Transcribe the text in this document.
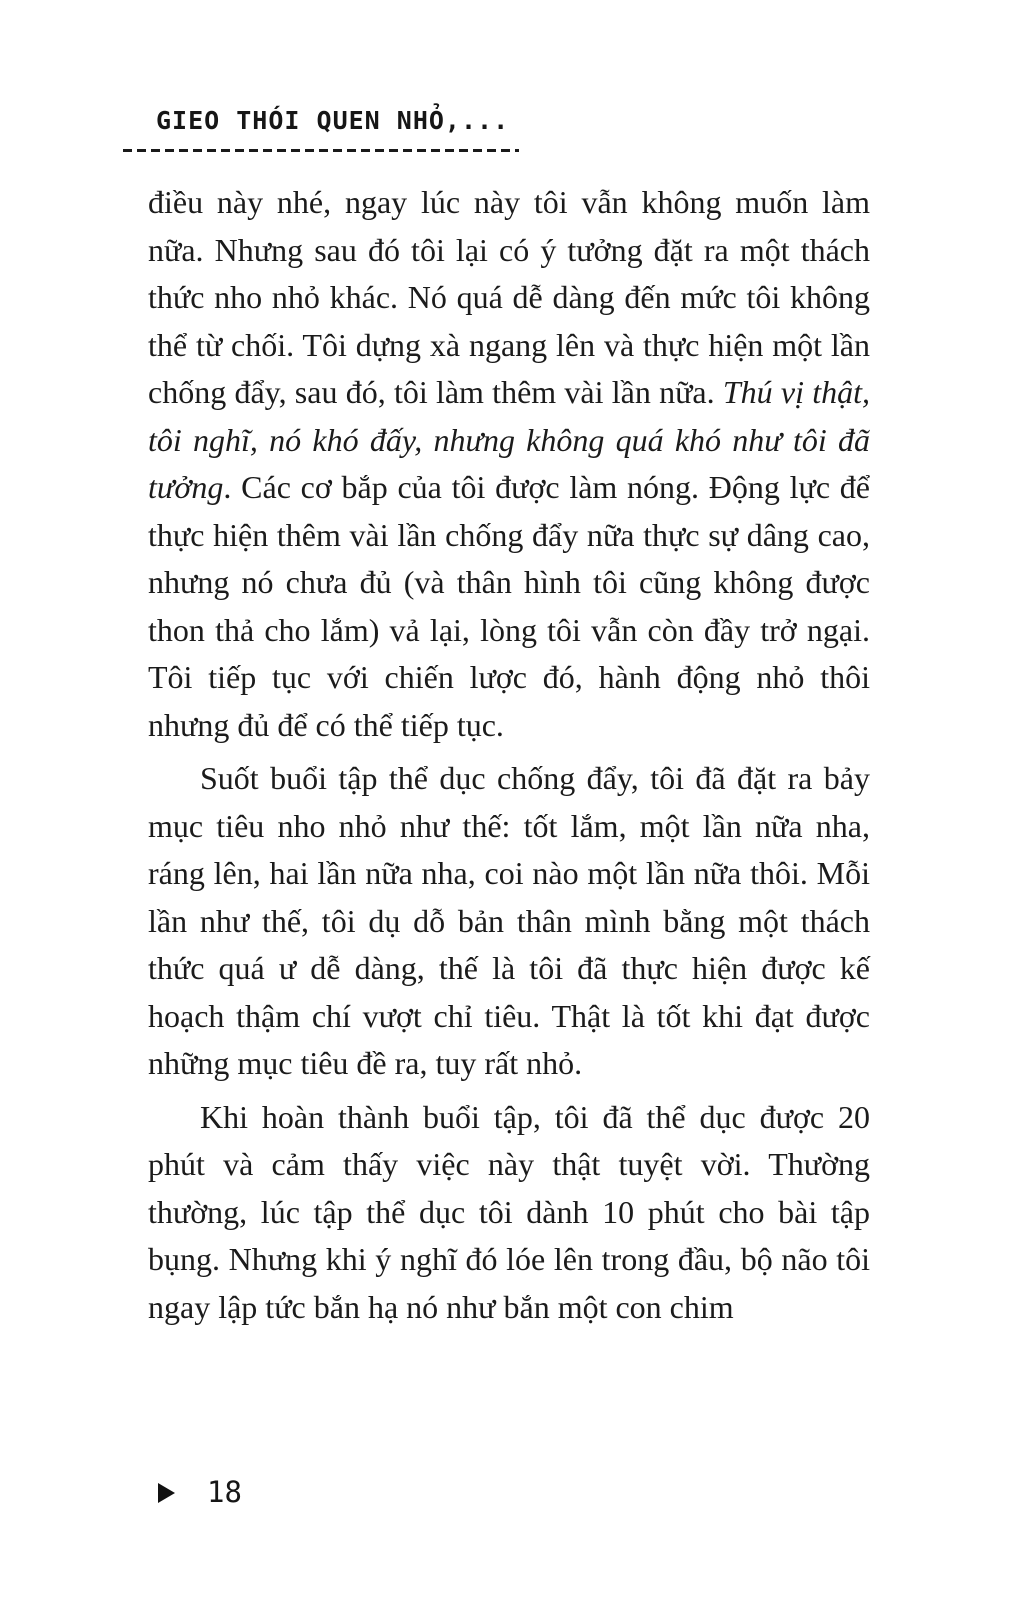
GIEO THÓI QUEN NHỎ,...

điều này nhé, ngay lúc này tôi vẫn không muốn làm nữa. Nhưng sau đó tôi lại có ý tưởng đặt ra một thách thức nho nhỏ khác. Nó quá dễ dàng đến mức tôi không thể từ chối. Tôi dựng xà ngang lên và thực hiện một lần chống đẩy, sau đó, tôi làm thêm vài lần nữa. Thú vị thật, tôi nghĩ, nó khó đấy, nhưng không quá khó như tôi đã tưởng. Các cơ bắp của tôi được làm nóng. Động lực để thực hiện thêm vài lần chống đẩy nữa thực sự dâng cao, nhưng nó chưa đủ (và thân hình tôi cũng không được thon thả cho lắm) vả lại, lòng tôi vẫn còn đầy trở ngại. Tôi tiếp tục với chiến lược đó, hành động nhỏ thôi nhưng đủ để có thể tiếp tục.

Suốt buổi tập thể dục chống đẩy, tôi đã đặt ra bảy mục tiêu nho nhỏ như thế: tốt lắm, một lần nữa nha, ráng lên, hai lần nữa nha, coi nào một lần nữa thôi. Mỗi lần như thế, tôi dụ dỗ bản thân mình bằng một thách thức quá ư dễ dàng, thế là tôi đã thực hiện được kế hoạch thậm chí vượt chỉ tiêu. Thật là tốt khi đạt được những mục tiêu đề ra, tuy rất nhỏ.

Khi hoàn thành buổi tập, tôi đã thể dục được 20 phút và cảm thấy việc này thật tuyệt vời. Thường thường, lúc tập thể dục tôi dành 10 phút cho bài tập bụng. Nhưng khi ý nghĩ đó lóe lên trong đầu, bộ não tôi ngay lập tức bắn hạ nó như bắn một con chim

18
